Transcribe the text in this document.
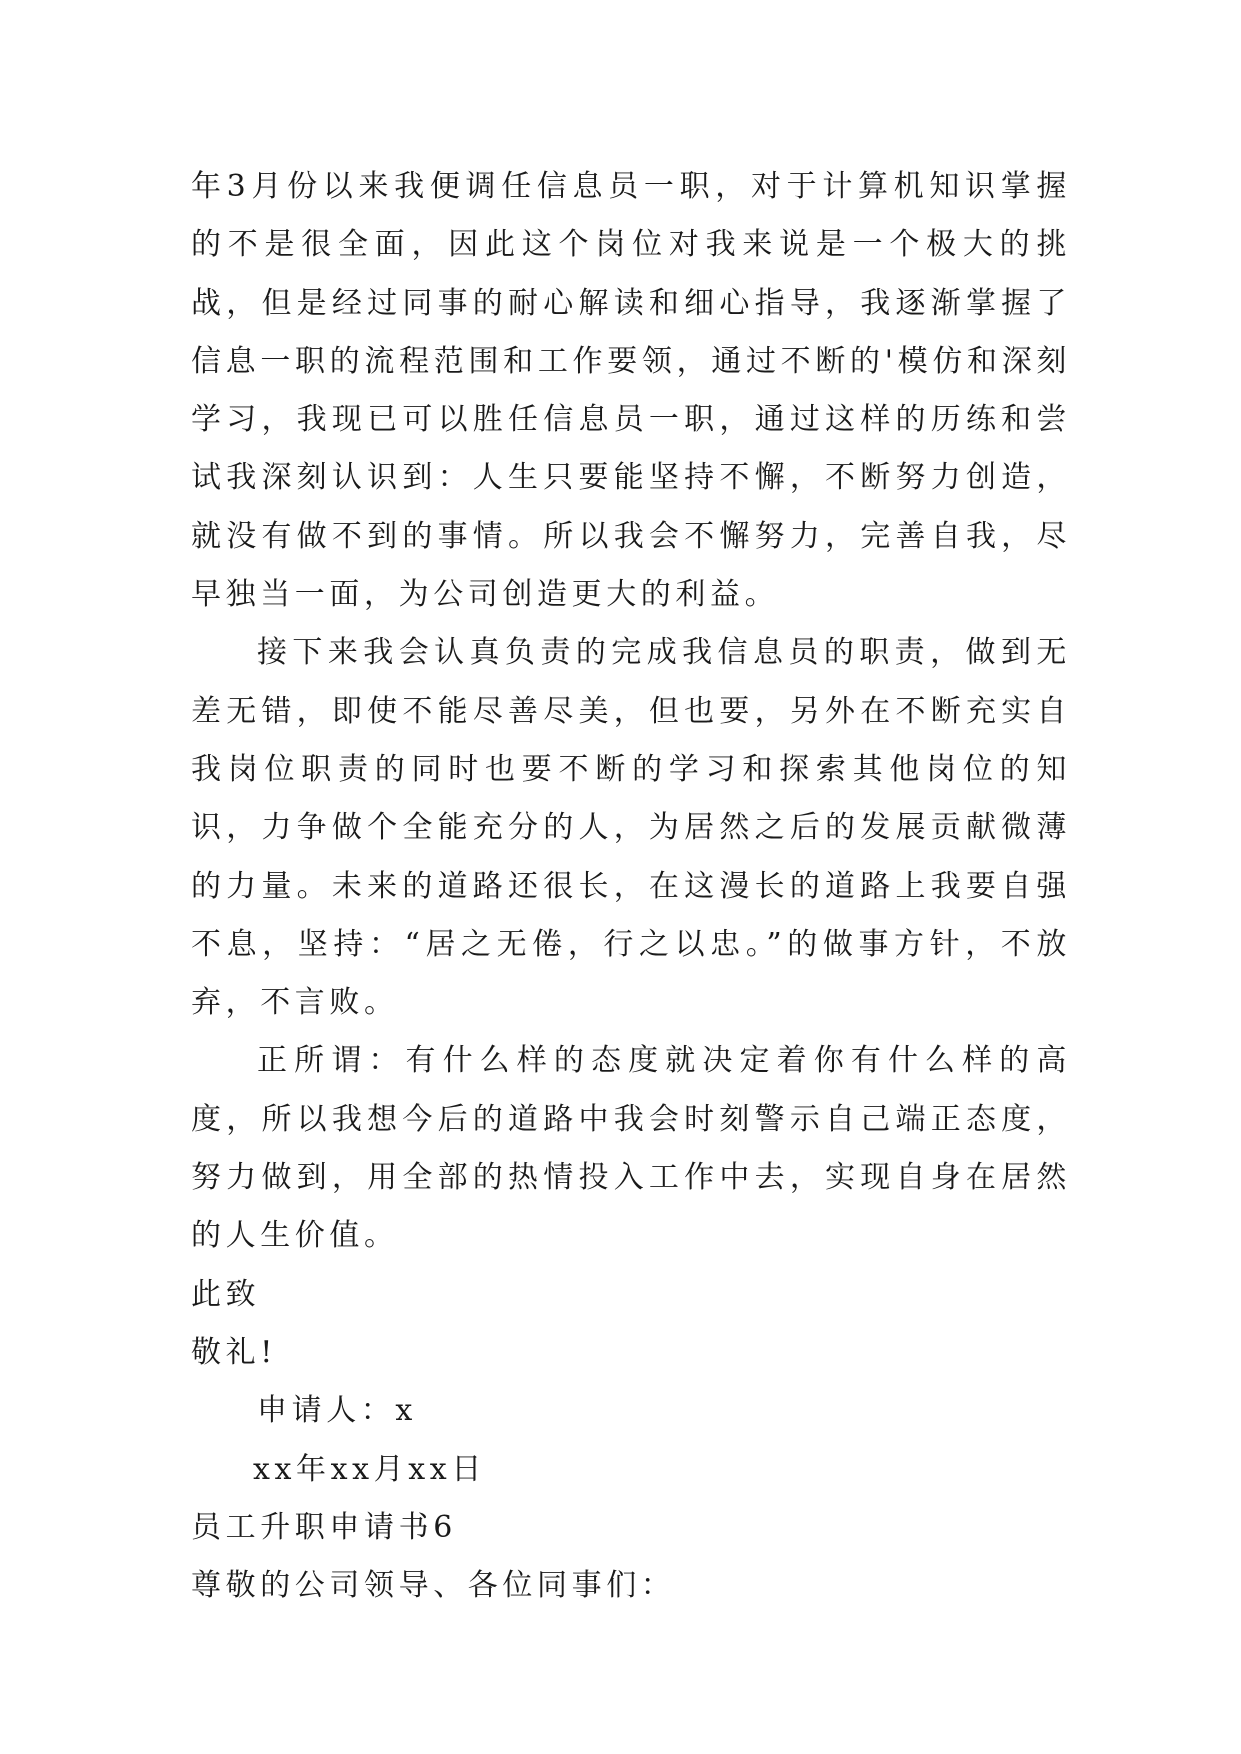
年3月份以来我便调任信息员一职，对于计算机知识掌握的不是很全面，因此这个岗位对我来说是一个极大的挑战，但是经过同事的耐心解读和细心指导，我逐渐掌握了信息一职的流程范围和工作要领，通过不断的'模仿和深刻学习，我现已可以胜任信息员一职，通过这样的历练和尝试我深刻认识到：人生只要能坚持不懈，不断努力创造，就没有做不到的事情。所以我会不懈努力，完善自我，尽早独当一面，为公司创造更大的利益。

接下来我会认真负责的完成我信息员的职责，做到无差无错，即使不能尽善尽美，但也要，另外在不断充实自我岗位职责的同时也要不断的学习和探索其他岗位的知识，力争做个全能充分的人，为居然之后的发展贡献微薄的力量。未来的道路还很长，在这漫长的道路上我要自强不息，坚持：“居之无倦，行之以忠。”的做事方针，不放弃，不言败。

正所谓：有什么样的态度就决定着你有什么样的高度，所以我想今后的道路中我会时刻警示自己端正态度，努力做到，用全部的热情投入工作中去，实现自身在居然的人生价值。

此致

敬礼!

申请人：x

xx年xx月xx日

员工升职申请书6

尊敬的公司领导、各位同事们：
